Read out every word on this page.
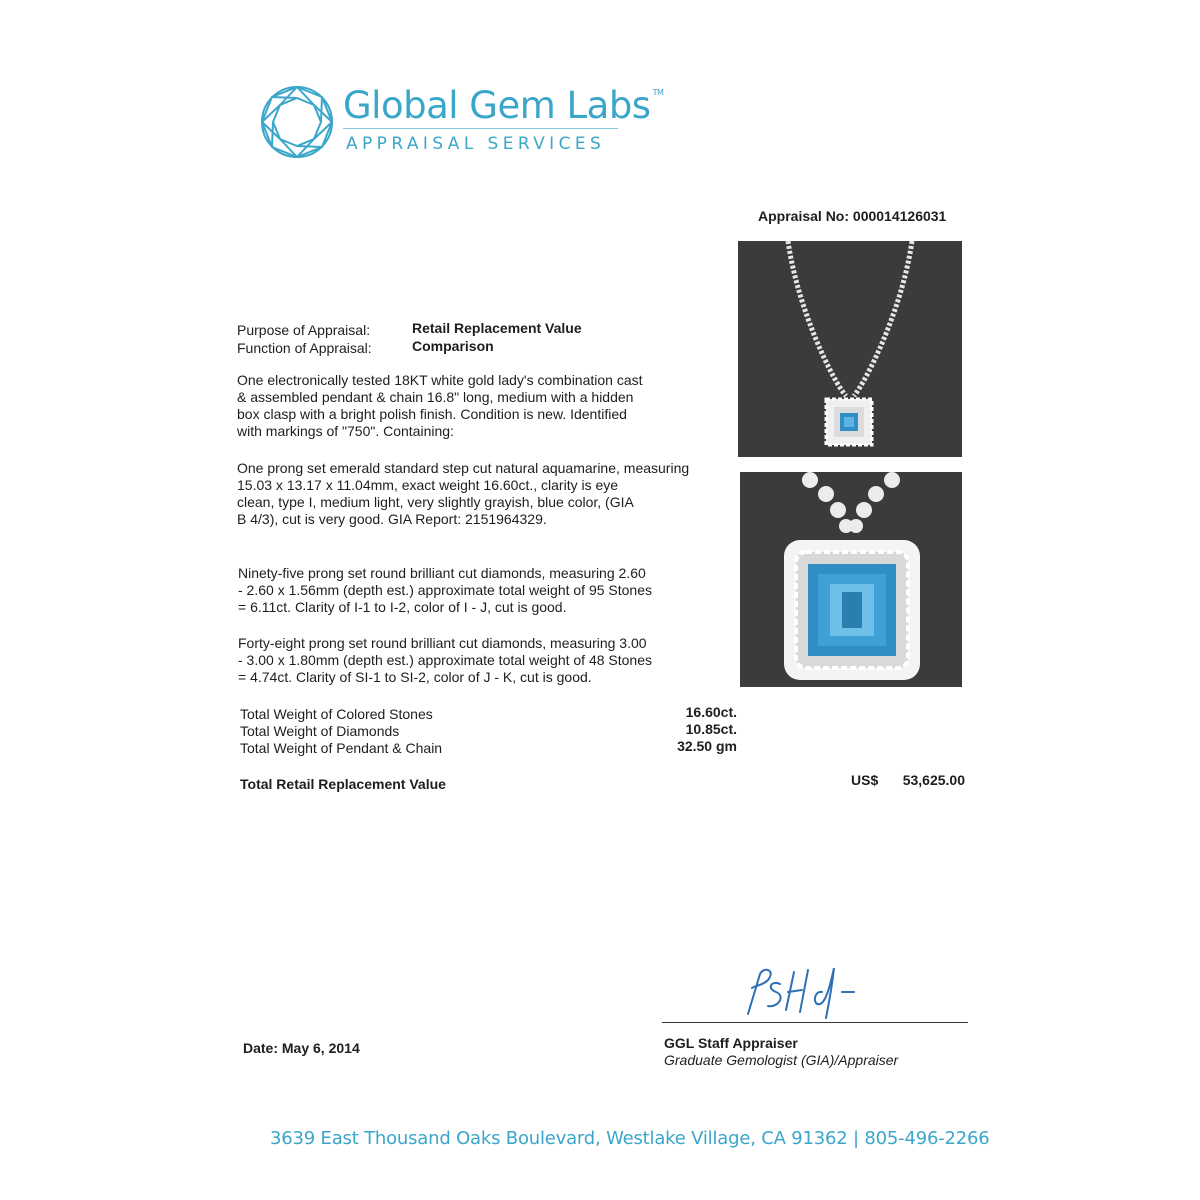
Global Gem Labs ™
APPRAISAL SERVICES
Appraisal No: 000014126031
Purpose of Appraisal:	Retail Replacement Value
Function of Appraisal:	Comparison
One electronically tested 18KT white gold lady's combination cast
& assembled pendant & chain 16.8" long, medium with a hidden
box clasp with a bright polish finish. Condition is new. Identified
with markings of "750". Containing:
One prong set emerald standard step cut natural aquamarine, measuring
15.03 x 13.17 x 11.04mm, exact weight 16.60ct., clarity is eye
clean, type I, medium light, very slightly grayish, blue color, (GIA
B 4/3), cut is very good. GIA Report: 2151964329.
Ninety-five prong set round brilliant cut diamonds, measuring 2.60
- 2.60 x 1.56mm (depth est.) approximate total weight of 95 Stones
= 6.11ct. Clarity of I-1 to I-2, color of I - J, cut is good.
Forty-eight prong set round brilliant cut diamonds, measuring 3.00
- 3.00 x 1.80mm (depth est.) approximate total weight of 48 Stones
= 4.74ct. Clarity of SI-1 to SI-2, color of J - K, cut is good.
Total Weight of Colored Stones	16.60ct.
Total Weight of Diamonds	10.85ct.
Total Weight of Pendant & Chain	32.50 gm
Total Retail Replacement Value	US$	53,625.00
Date: May 6, 2014	GGL Staff Appraiser
Graduate Gemologist (GIA)/Appraiser
3639 East Thousand Oaks Boulevard, Westlake Village, CA 91362 | 805-496-2266
